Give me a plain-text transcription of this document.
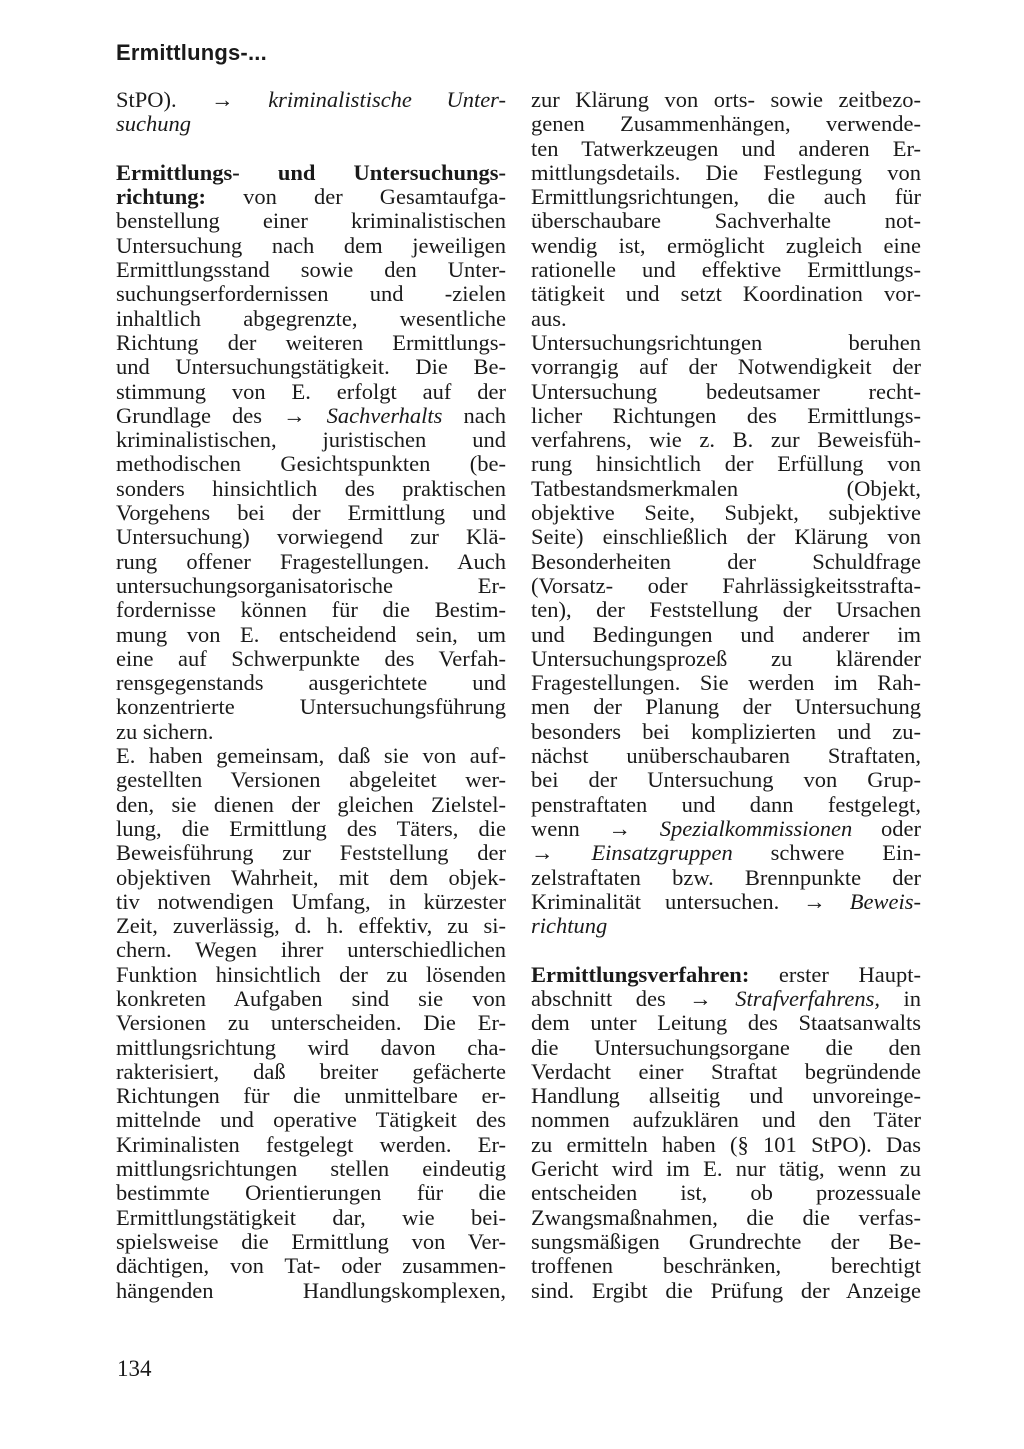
Ermittlungs-...
StPO). → kriminalistische Unter-
suchung
Ermittlungs- und Untersuchungs-
richtung: von der Gesamtaufga-
benstellung einer kriminalistischen
Untersuchung nach dem jeweiligen
Ermittlungsstand sowie den Unter-
suchungserfordernissen und -zielen
inhaltlich abgegrenzte, wesentliche
Richtung der weiteren Ermittlungs-
und Untersuchungstätigkeit. Die Be-
stimmung von E. erfolgt auf der
Grundlage des → Sachverhalts nach
kriminalistischen, juristischen und
methodischen Gesichtspunkten (be-
sonders hinsichtlich des praktischen
Vorgehens bei der Ermittlung und
Untersuchung) vorwiegend zur Klä-
rung offener Fragestellungen. Auch
untersuchungsorganisatorische Er-
fordernisse können für die Bestim-
mung von E. entscheidend sein, um
eine auf Schwerpunkte des Verfah-
rensgegenstands ausgerichtete und
konzentrierte Untersuchungsführung
zu sichern.
E. haben gemeinsam, daß sie von auf-
gestellten Versionen abgeleitet wer-
den, sie dienen der gleichen Zielstel-
lung, die Ermittlung des Täters, die
Beweisführung zur Feststellung der
objektiven Wahrheit, mit dem objek-
tiv notwendigen Umfang, in kürzester
Zeit, zuverlässig, d. h. effektiv, zu si-
chern. Wegen ihrer unterschiedlichen
Funktion hinsichtlich der zu lösenden
konkreten Aufgaben sind sie von
Versionen zu unterscheiden. Die Er-
mittlungsrichtung wird davon cha-
rakterisiert, daß breiter gefächerte
Richtungen für die unmittelbare er-
mittelnde und operative Tätigkeit des
Kriminalisten festgelegt werden. Er-
mittlungsrichtungen stellen eindeutig
bestimmte Orientierungen für die
Ermittlungstätigkeit dar, wie bei-
spielsweise die Ermittlung von Ver-
dächtigen, von Tat- oder zusammen-
hängenden Handlungskomplexen,
zur Klärung von orts- sowie zeitbezo-
genen Zusammenhängen, verwende-
ten Tatwerkzeugen und anderen Er-
mittlungsdetails. Die Festlegung von
Ermittlungsrichtungen, die auch für
überschaubare Sachverhalte not-
wendig ist, ermöglicht zugleich eine
rationelle und effektive Ermittlungs-
tätigkeit und setzt Koordination vor-
aus.
Untersuchungsrichtungen beruhen
vorrangig auf der Notwendigkeit der
Untersuchung bedeutsamer recht-
licher Richtungen des Ermittlungs-
verfahrens, wie z. B. zur Beweisfüh-
rung hinsichtlich der Erfüllung von
Tatbestandsmerkmalen (Objekt,
objektive Seite, Subjekt, subjektive
Seite) einschließlich der Klärung von
Besonderheiten der Schuldfrage
(Vorsatz- oder Fahrlässigkeitsstrafta-
ten), der Feststellung der Ursachen
und Bedingungen und anderer im
Untersuchungsprozeß zu klärender
Fragestellungen. Sie werden im Rah-
men der Planung der Untersuchung
besonders bei komplizierten und zu-
nächst unüberschaubaren Straftaten,
bei der Untersuchung von Grup-
penstraftaten und dann festgelegt,
wenn → Spezialkommissionen oder
→ Einsatzgruppen schwere Ein-
zelstraftaten bzw. Brennpunkte der
Kriminalität untersuchen. → Beweis-
richtung
Ermittlungsverfahren: erster Haupt-
abschnitt des → Strafverfahrens, in
dem unter Leitung des Staatsanwalts
die Untersuchungsorgane die den
Verdacht einer Straftat begründende
Handlung allseitig und unvoreinge-
nommen aufzuklären und den Täter
zu ermitteln haben (§ 101 StPO). Das
Gericht wird im E. nur tätig, wenn zu
entscheiden ist, ob prozessuale
Zwangsmaßnahmen, die die verfas-
sungsmäßigen Grundrechte der Be-
troffenen beschränken, berechtigt
sind. Ergibt die Prüfung der Anzeige
134
